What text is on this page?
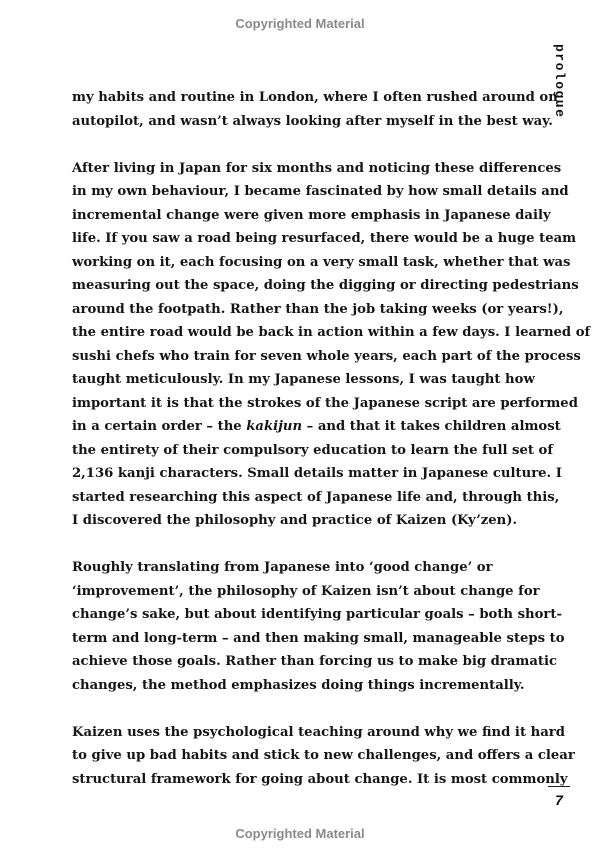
Copyrighted Material
prologue

my habits and routine in London, where I often rushed around on
autopilot, and wasn’t always looking after myself in the best way.

After living in Japan for six months and noticing these differences
in my own behaviour, I became fascinated by how small details and
incremental change were given more emphasis in Japanese daily
life. If you saw a road being resurfaced, there would be a huge team
working on it, each focusing on a very small task, whether that was
measuring out the space, doing the digging or directing pedestrians
around the footpath. Rather than the job taking weeks (or years!),
the entire road would be back in action within a few days. I learned of
sushi chefs who train for seven whole years, each part of the process
taught meticulously. In my Japanese lessons, I was taught how
important it is that the strokes of the Japanese script are performed
in a certain order – the kakijun – and that it takes children almost
the entirety of their compulsory education to learn the full set of
2,136 kanji characters. Small details matter in Japanese culture. I
started researching this aspect of Japanese life and, through this,
I discovered the philosophy and practice of Kaizen (Ky’zen).

Roughly translating from Japanese into ‘good change’ or
‘improvement’, the philosophy of Kaizen isn’t about change for
change’s sake, but about identifying particular goals – both short-
term and long-term – and then making small, manageable steps to
achieve those goals. Rather than forcing us to make big dramatic
changes, the method emphasizes doing things incrementally.

Kaizen uses the psychological teaching around why we find it hard
to give up bad habits and stick to new challenges, and offers a clear
structural framework for going about change. It is most commonly

7
Copyrighted Material
